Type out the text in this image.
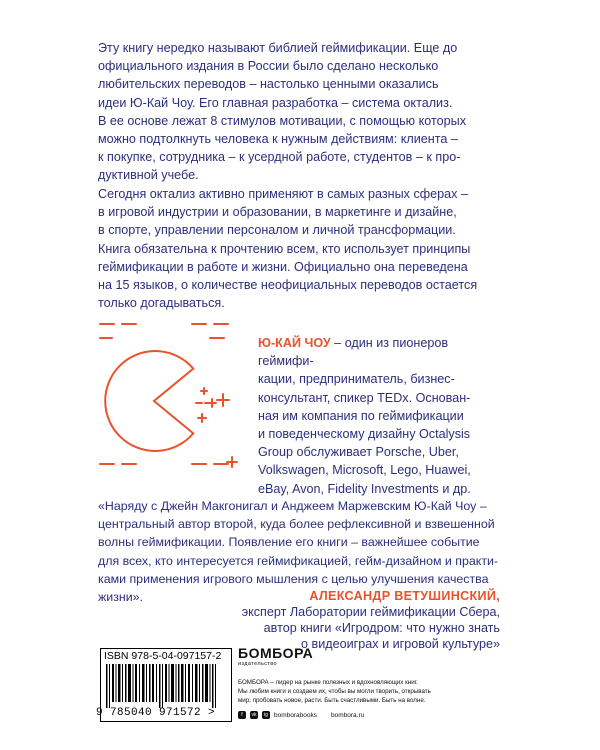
Эту книгу нередко называют библией геймификации. Еще до
официального издания в России было сделано несколько
любительских переводов – настолько ценными оказались
идеи Ю-Кай Чоу. Его главная разработка – система октализ.
В ее основе лежат 8 стимулов мотивации, с помощью которых
можно подтолкнуть человека к нужным действиям: клиента –
к покупке, сотрудника – к усердной работе, студентов – к про-
дуктивной учебе.

Сегодня октализ активно применяют в самых разных сферах –
в игровой индустрии и образовании, в маркетинге и дизайне,
в спорте, управлении персоналом и личной трансформации.
Книга обязательна к прочтению всем, кто использует принципы
геймификации в работе и жизни. Официально она переведена
на 15 языков, о количестве неофициальных переводов остается
только догадываться.

Ю-КАЙ ЧОУ – один из пионеров геймифи-
кации, предприниматель, бизнес-
консультант, спикер TEDx. Основан-
ная им компания по геймификации
и поведенческому дизайну Octalysis
Group обслуживает Porsche, Uber,
Volkswagen, Microsoft, Lego, Huawei,
eBay, Avon, Fidelity Investments и др.

«Наряду с Джейн Макгонигал и Анджеем Маржевским Ю-Кай Чоу –
центральный автор второй, куда более рефлексивной и взвешенной
волны геймификации. Появление его книги – важнейшее событие
для всех, кто интересуется геймификацией, гейм-дизайном и практи-
ками применения игрового мышления с целью улучшения качества
жизни».	АЛЕКСАНДР ВЕТУШИНСКИЙ,
эксперт Лаборатории геймификации Сбера,
автор книги «Игродром: что нужно знать
о видеоиграх и игровой культуре»
ISBN 978-5-04-097157-2
9 785040 971572 >
БОМБОРА
издательство
БОМБОРА – лидер на рынке полезных и вдохновляющих книг.
Мы любим книги и создаем их, чтобы вы могли творить, открывать
мир, пробовать новое, расти. Быть счастливыми. Быть на волне.
f	vk	ig bomborabooks bombora.ru
